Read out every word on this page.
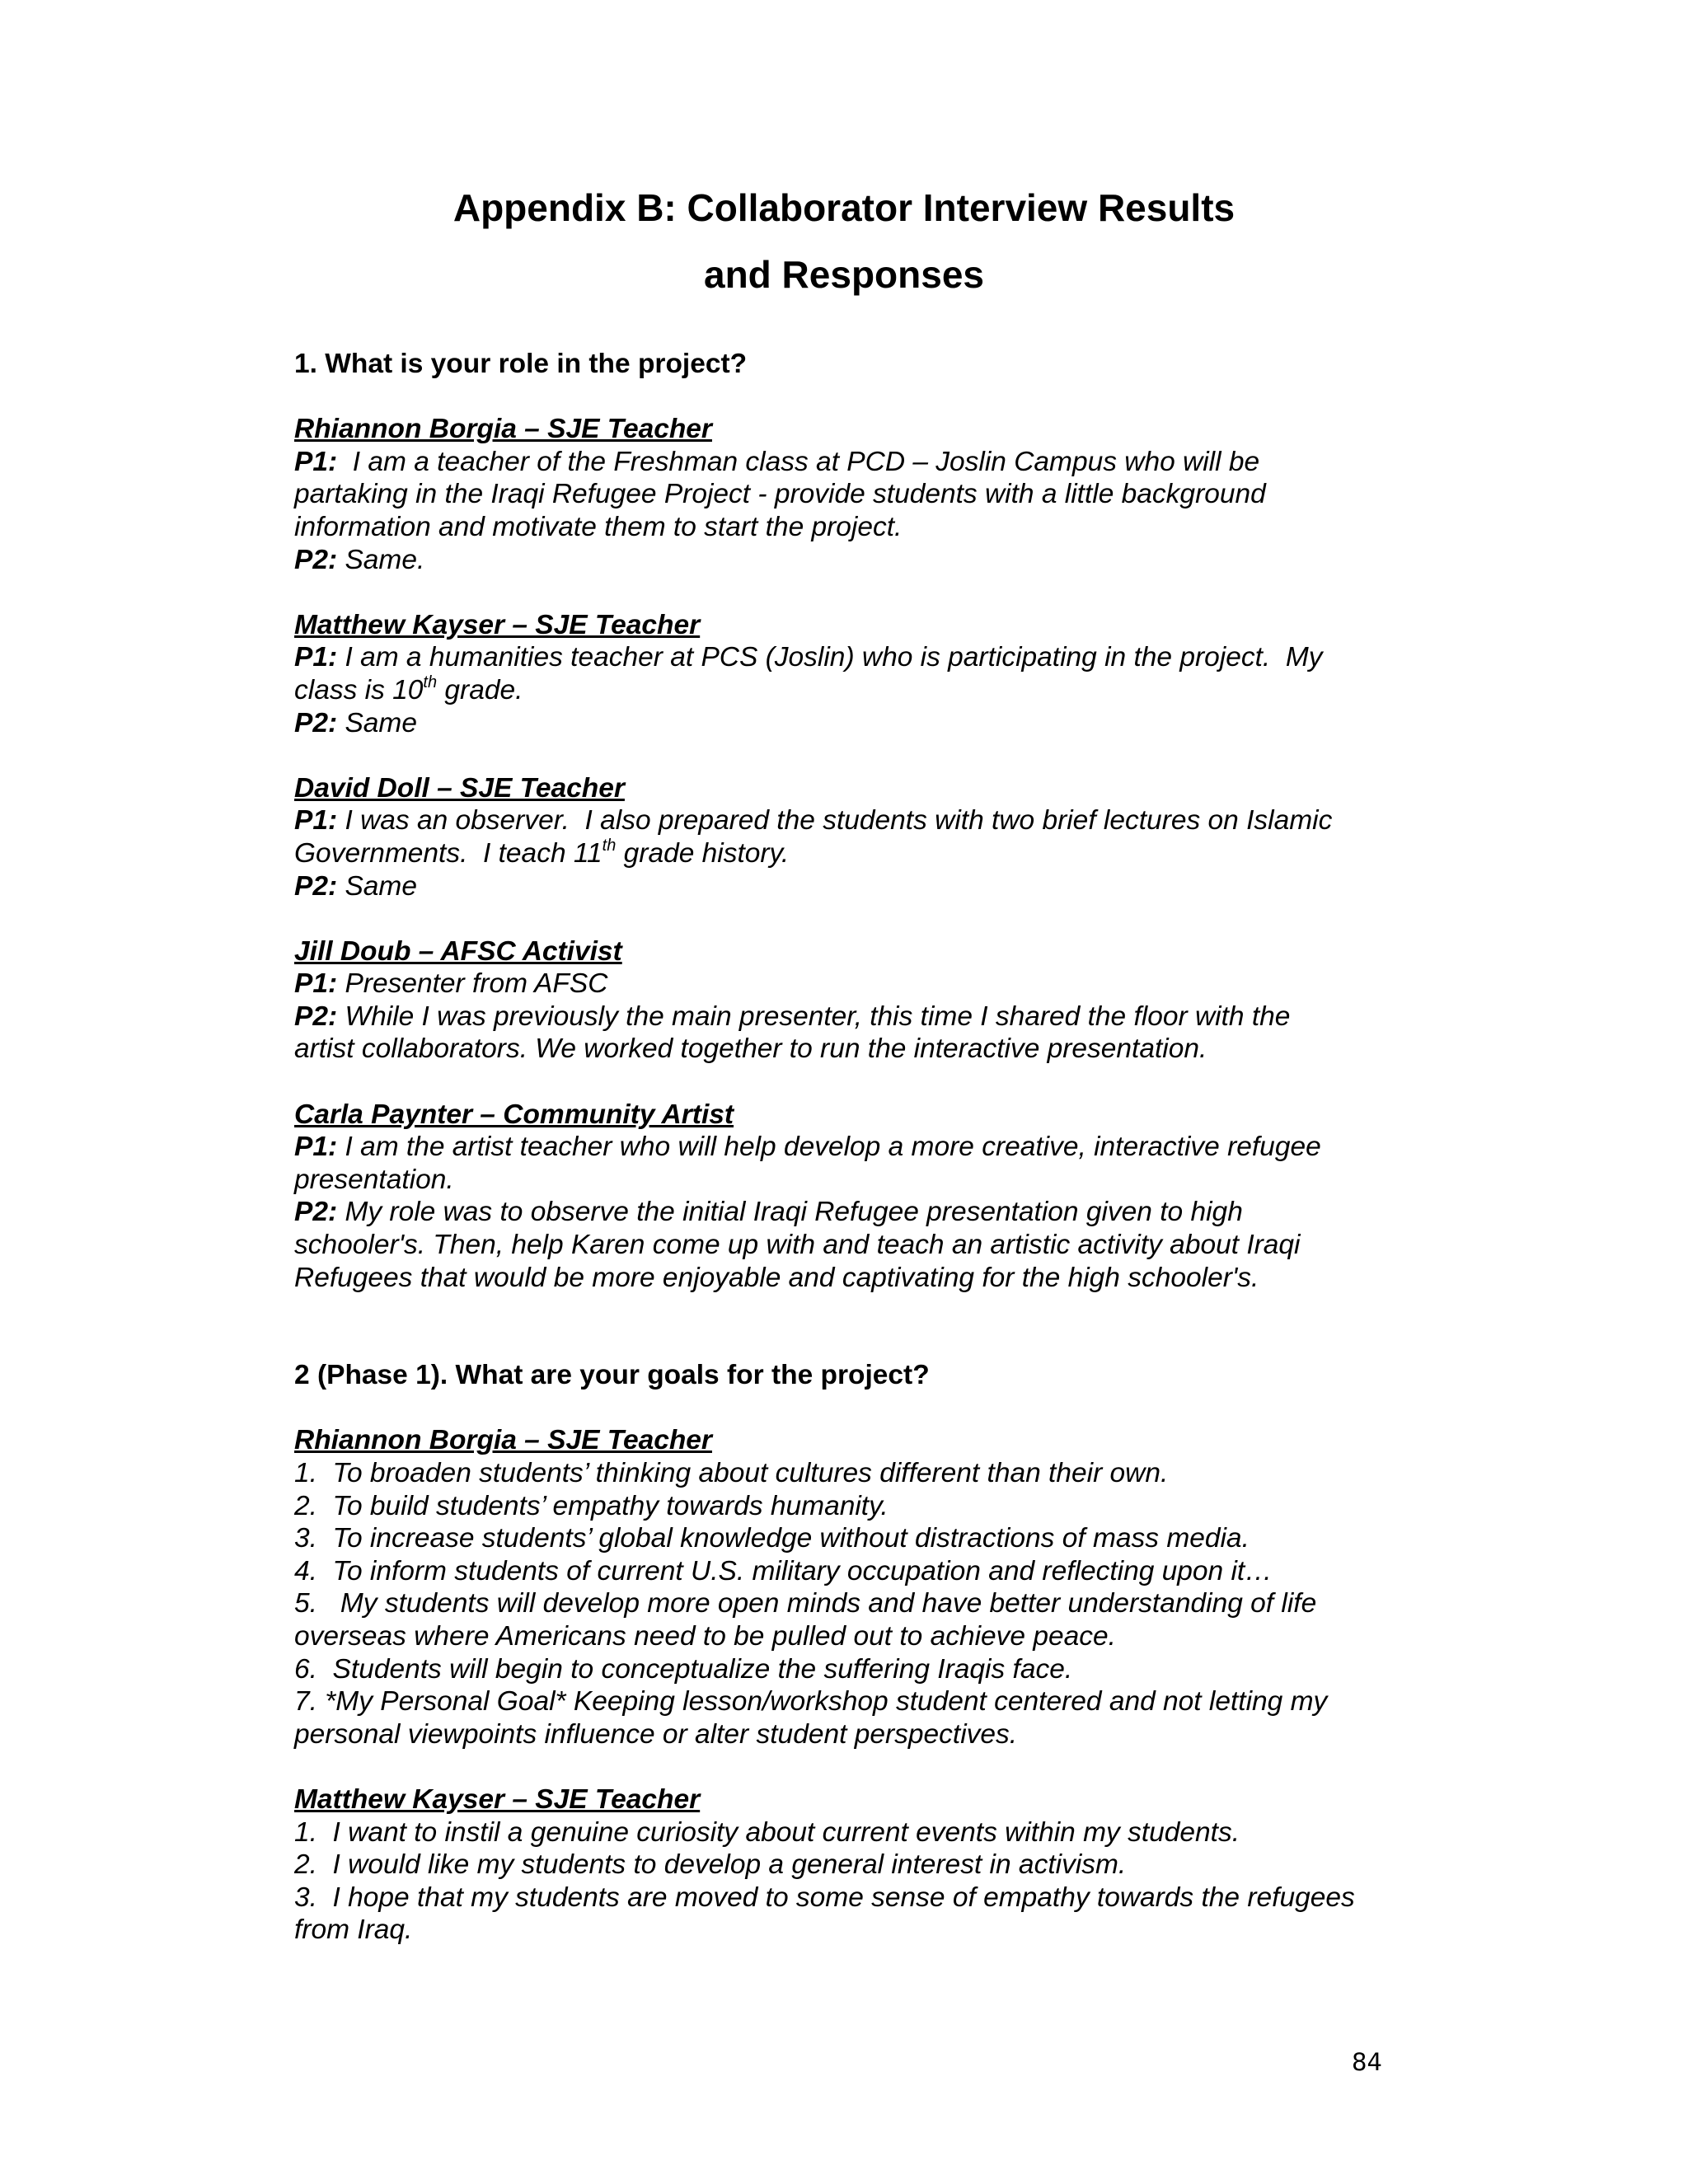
Appendix B: Collaborator Interview Results
and Responses

1. What is your role in the project?

Rhiannon Borgia – SJE Teacher

P1:  I am a teacher of the Freshman class at PCD – Joslin Campus who will be

partaking in the Iraqi Refugee Project - provide students with a little background

information and motivate them to start the project.

P2: Same.

Matthew Kayser – SJE Teacher

P1: I am a humanities teacher at PCS (Joslin) who is participating in the project.  My

class is 10th grade.

P2: Same

David Doll – SJE Teacher

P1: I was an observer.  I also prepared the students with two brief lectures on Islamic

Governments.  I teach 11th grade history.

P2: Same

Jill Doub – AFSC Activist

P1: Presenter from AFSC

P2: While I was previously the main presenter, this time I shared the floor with the

artist collaborators. We worked together to run the interactive presentation.

Carla Paynter – Community Artist

P1: I am the artist teacher who will help develop a more creative, interactive refugee

presentation.

P2: My role was to observe the initial Iraqi Refugee presentation given to high

schooler's. Then, help Karen come up with and teach an artistic activity about Iraqi

Refugees that would be more enjoyable and captivating for the high schooler's.

2 (Phase 1). What are your goals for the project?

Rhiannon Borgia – SJE Teacher

1.  To broaden students’ thinking about cultures different than their own.

2.  To build students’ empathy towards humanity.

3.  To increase students’ global knowledge without distractions of mass media.

4.  To inform students of current U.S. military occupation and reflecting upon it…

5.   My students will develop more open minds and have better understanding of life

overseas where Americans need to be pulled out to achieve peace.

6.  Students will begin to conceptualize the suffering Iraqis face.

7. *My Personal Goal* Keeping lesson/workshop student centered and not letting my

personal viewpoints influence or alter student perspectives.

Matthew Kayser – SJE Teacher

1.  I want to instil a genuine curiosity about current events within my students.

2.  I would like my students to develop a general interest in activism.

3.  I hope that my students are moved to some sense of empathy towards the refugees

from Iraq.

84
